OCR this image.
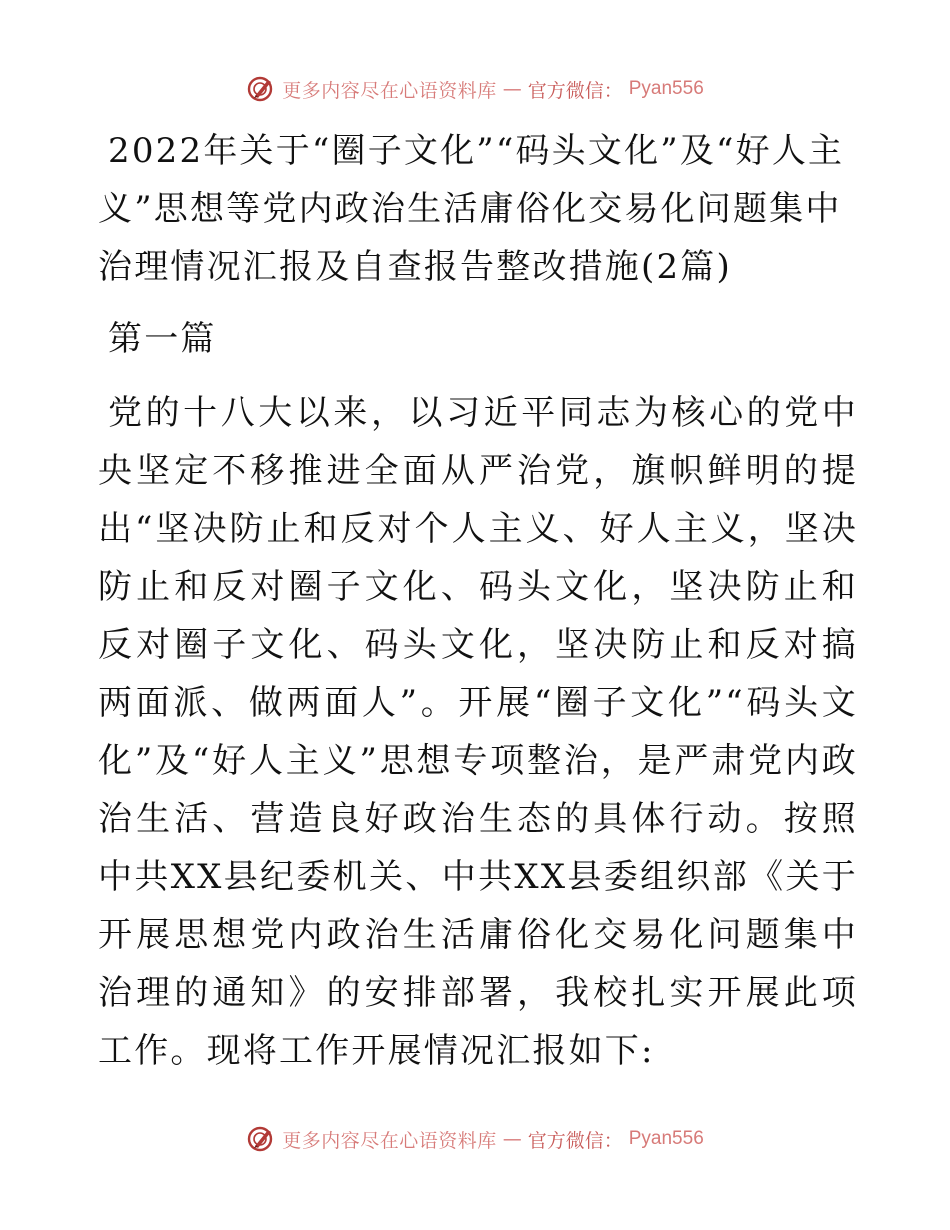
更多内容尽在心语资料库 — 官方微信： Pyan556
2022年关于“圈子文化”“码头文化”及“好人主义”思想等党内政治生活庸俗化交易化问题集中治理情况汇报及自查报告整改措施(2篇)
第一篇

党的十八大以来，以习近平同志为核心的党中央坚定不移推进全面从严治党，旗帜鲜明的提出“坚决防止和反对个人主义、好人主义，坚决防止和反对圈子文化、码头文化，坚决防止和反对圈子文化、码头文化，坚决防止和反对搞两面派、做两面人”。开展“圈子文化”“码头文化”及“好人主义”思想专项整治，是严肃党内政治生活、营造良好政治生态的具体行动。按照中共XX县纪委机关、中共XX县委组织部《关于开展思想党内政治生活庸俗化交易化问题集中治理的通知》的安排部署，我校扎实开展此项工作。现将工作开展情况汇报如下:

更多内容尽在心语资料库 — 官方微信： Pyan556
